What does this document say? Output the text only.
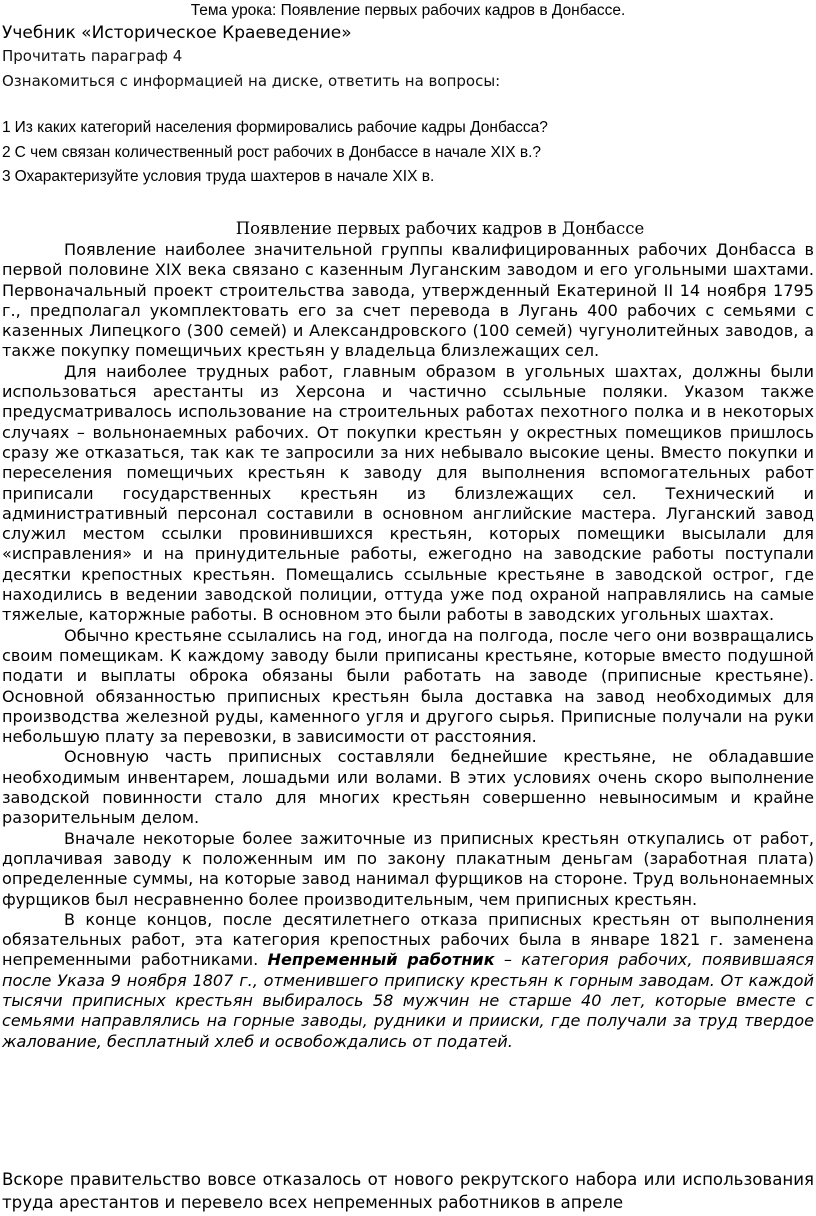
Тема урока: Появление первых рабочих кадров в Донбассе.
Учебник «Историческое Краеведение»
Прочитать параграф 4
Ознакомиться с информацией на диске, ответить на вопросы:
1 Из каких категорий населения формировались рабочие кадры Донбасса?
2 С чем связан количественный рост рабочих в Донбассе в начале XIX в.?
3 Охарактеризуйте условия труда шахтеров в начале XIX в.
Появление первых рабочих кадров в Донбассе

Появление наиболее значительной группы квалифицированных рабочих Донбасса в первой половине XIX века связано с казенным Луганским заводом и его угольными шахтами. Первоначальный проект строительства завода, утвержденный Екатериной II 14 ноября 1795 г., предполагал укомплектовать его за счет перевода в Лугань 400 рабочих с семьями с казенных Липецкого (300 семей) и Александровского (100 семей) чугунолитейных заводов, а также покупку помещичьих крестьян у владельца близлежащих сел.

Для наиболее трудных работ, главным образом в угольных шахтах, должны были использоваться арестанты из Херсона и частично ссыльные поляки. Указом также предусматривалось использование на строительных работах пехотного полка и в некоторых случаях – вольнонаемных рабочих. От покупки крестьян у окрестных помещиков пришлось сразу же отказаться, так как те запросили за них небывало высокие цены. Вместо покупки и переселения помещичьих крестьян к заводу для выполнения вспомогательных работ приписали государственных крестьян из близлежащих сел. Технический и административный персонал составили в основном английские мастера. Луганский завод служил местом ссылки провинившихся крестьян, которых помещики высылали для «исправления» и на принудительные работы, ежегодно на заводские работы поступали десятки крепостных крестьян. Помещались ссыльные крестьяне в заводской острог, где находились в ведении заводской полиции, оттуда уже под охраной направлялись на самые тяжелые, каторжные работы. В основном это были работы в заводских угольных шахтах.

Обычно крестьяне ссылались на год, иногда на полгода, после чего они возвращались своим помещикам. К каждому заводу были приписаны крестьяне, которые вместо подушной подати и выплаты оброка обязаны были работать на заводе (приписные крестьяне). Основной обязанностью приписных крестьян была доставка на завод необходимых для производства железной руды, каменного угля и другого сырья. Приписные получали на руки небольшую плату за перевозки, в зависимости от расстояния.

Основную часть приписных составляли беднейшие крестьяне, не обладавшие необходимым инвентарем, лошадьми или волами. В этих условиях очень скоро выполнение заводской повинности стало для многих крестьян совершенно невыносимым и крайне разорительным делом.

Вначале некоторые более зажиточные из приписных крестьян откупались от работ, доплачивая заводу к положенным им по закону плакатным деньгам (заработная плата) определенные суммы, на которые завод нанимал фурщиков на стороне. Труд вольнонаемных фурщиков был несравненно более производительным, чем приписных крестьян.

В конце концов, после десятилетнего отказа приписных крестьян от выполнения обязательных работ, эта категория крепостных рабочих была в январе 1821 г. заменена непременными работниками. Непременный работник – категория рабочих, появившаяся после Указа 9 ноября 1807 г., отменившего приписку крестьян к горным заводам. От каждой тысячи приписных крестьян выбиралось 58 мужчин не старше 40 лет, которые вместе с семьями направлялись на горные заводы, рудники и прииски, где получали за труд твердое жалование, бесплатный хлеб и освобождались от податей.

Вскоре правительство вовсе отказалось от нового рекрутского набора или использования труда арестантов и перевело всех непременных работников в апреле
